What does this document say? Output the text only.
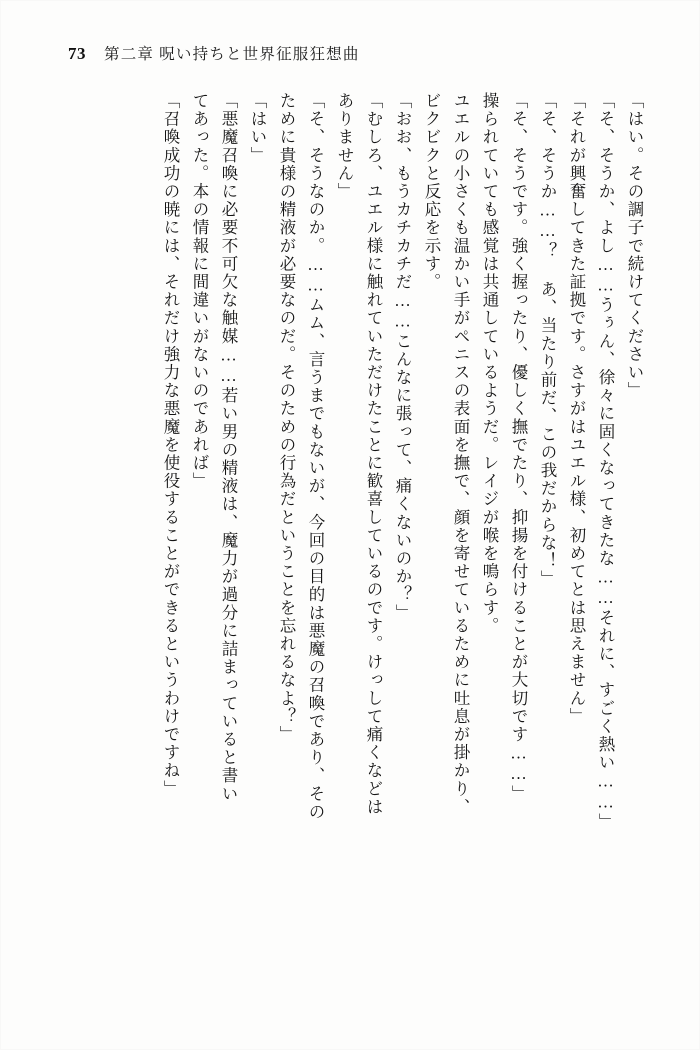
73 第二章 呪い持ちと世界征服狂想曲
「はい。その調子で続けてください」
「そ、そうか、よし……うぅん、徐々に固くなってきたな……それに、すごく熱い……」
「それが興奮してきた証拠です。さすがはユエル様、初めてとは思えません」
「そ、そうか……？ あ、当たり前だ、この我だからな！」
「そ、そうです。強く握ったり、優しく撫でたり、抑揚を付けることが大切です……」
操られていても感覚は共通しているようだ。レイジが喉を鳴らす。
ユエルの小さくも温かい手がペニスの表面を撫で、顔を寄せているために吐息が掛かり、
ビクビクと反応を示す。
「おお、もうカチカチだ……こんなに張って、痛くないのか？」
「むしろ、ユエル様に触れていただけたことに歓喜しているのです。けっして痛くなどは
ありません」
「そ、そうなのか。……ムム、言うまでもないが、今回の目的は悪魔の召喚であり、その
ために貴様の精液が必要なのだ。そのための行為だということを忘れるなよ？」
「はい」
「悪魔召喚に必要不可欠な触媒……若い男の精液は、魔力が過分に詰まっていると書い
てあった。本の情報に間違いがないのであれば」
「召喚成功の暁には、それだけ強力な悪魔を使役することができるというわけですね」
